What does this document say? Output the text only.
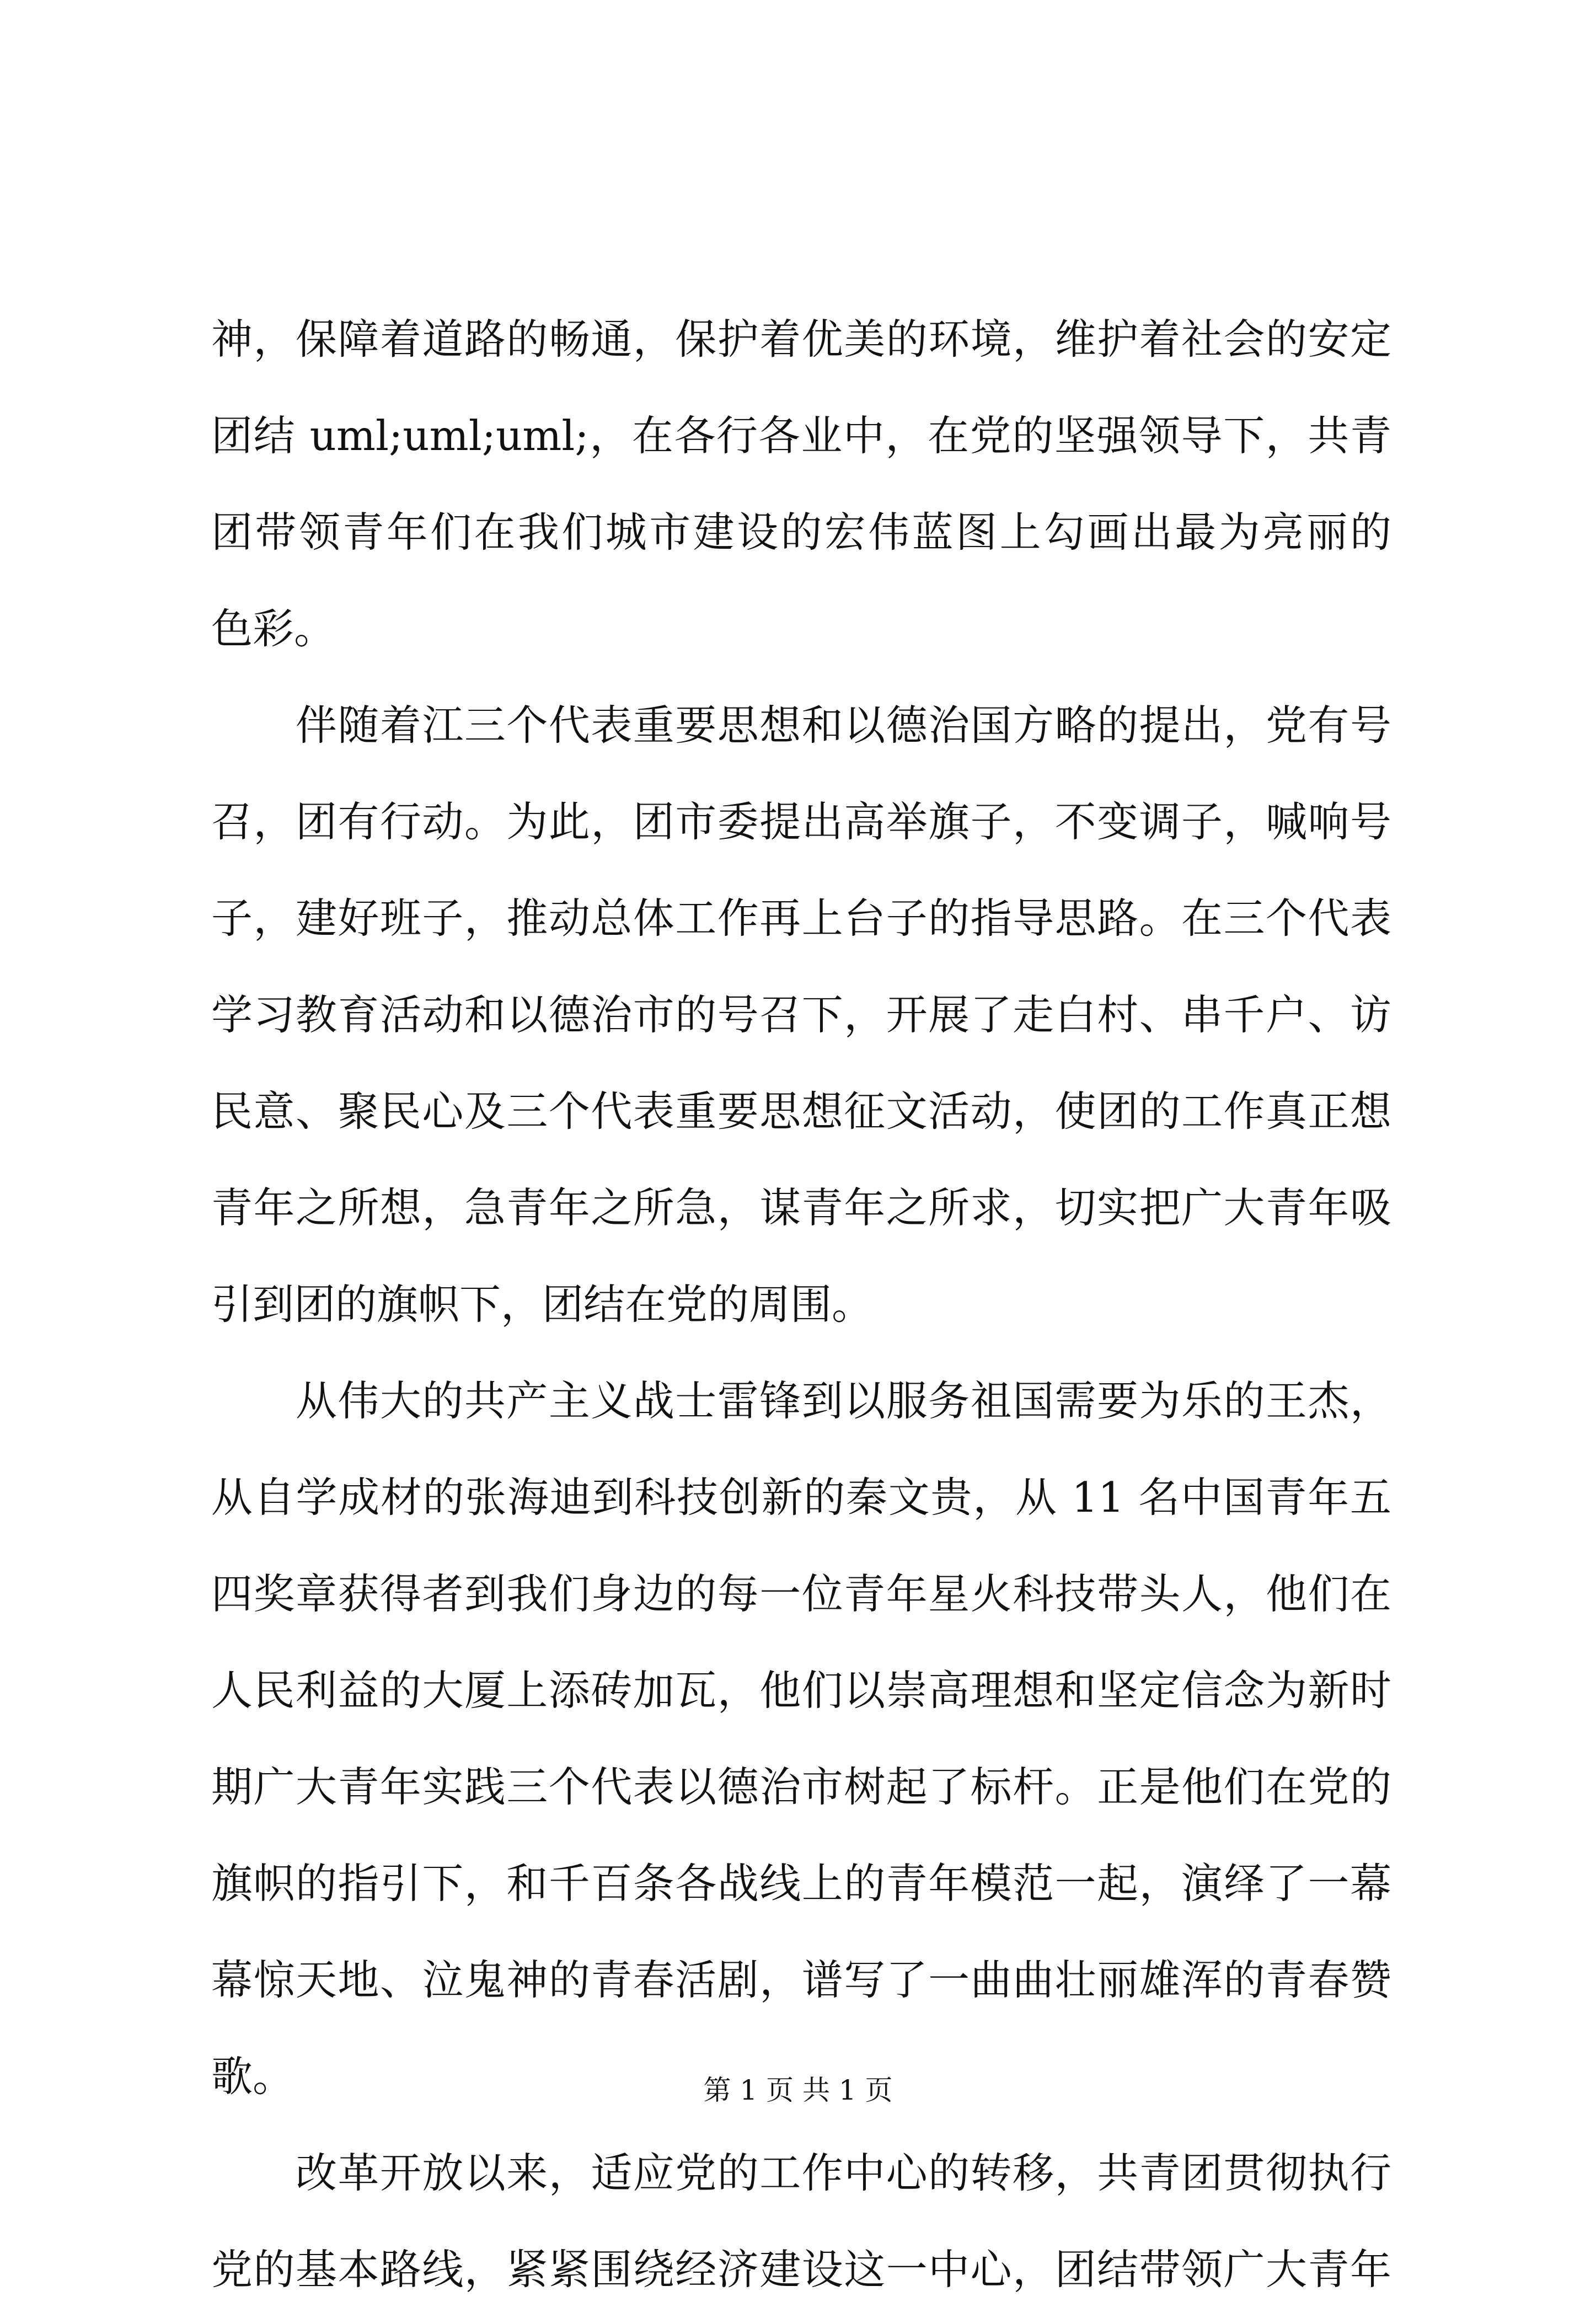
神，保障着道路的畅通，保护着优美的环境，维护着社会的安定
团结 uml;uml;uml;，在各行各业中，在党的坚强领导下，共青
团带领青年们在我们城市建设的宏伟蓝图上勾画出最为亮丽的
色彩。
　　伴随着江三个代表重要思想和以德治国方略的提出，党有号
召，团有行动。为此，团市委提出高举旗子，不变调子，喊响号
子，建好班子，推动总体工作再上台子的指导思路。在三个代表
学习教育活动和以德治市的号召下，开展了走白村、串千户、访
民意、聚民心及三个代表重要思想征文活动，使团的工作真正想
青年之所想，急青年之所急，谋青年之所求，切实把广大青年吸
引到团的旗帜下，团结在党的周围。
　　从伟大的共产主义战士雷锋到以服务祖国需要为乐的王杰，
从自学成材的张海迪到科技创新的秦文贵，从 11 名中国青年五
四奖章获得者到我们身边的每一位青年星火科技带头人，他们在
人民利益的大厦上添砖加瓦，他们以崇高理想和坚定信念为新时
期广大青年实践三个代表以德治市树起了标杆。正是他们在党的
旗帜的指引下，和千百条各战线上的青年模范一起，演绎了一幕
幕惊天地、泣鬼神的青春活剧，谱写了一曲曲壮丽雄浑的青春赞
歌。
　　改革开放以来，适应党的工作中心的转移，共青团贯彻执行
党的基本路线，紧紧围绕经济建设这一中心，团结带领广大青年
第 1 页 共 1 页
